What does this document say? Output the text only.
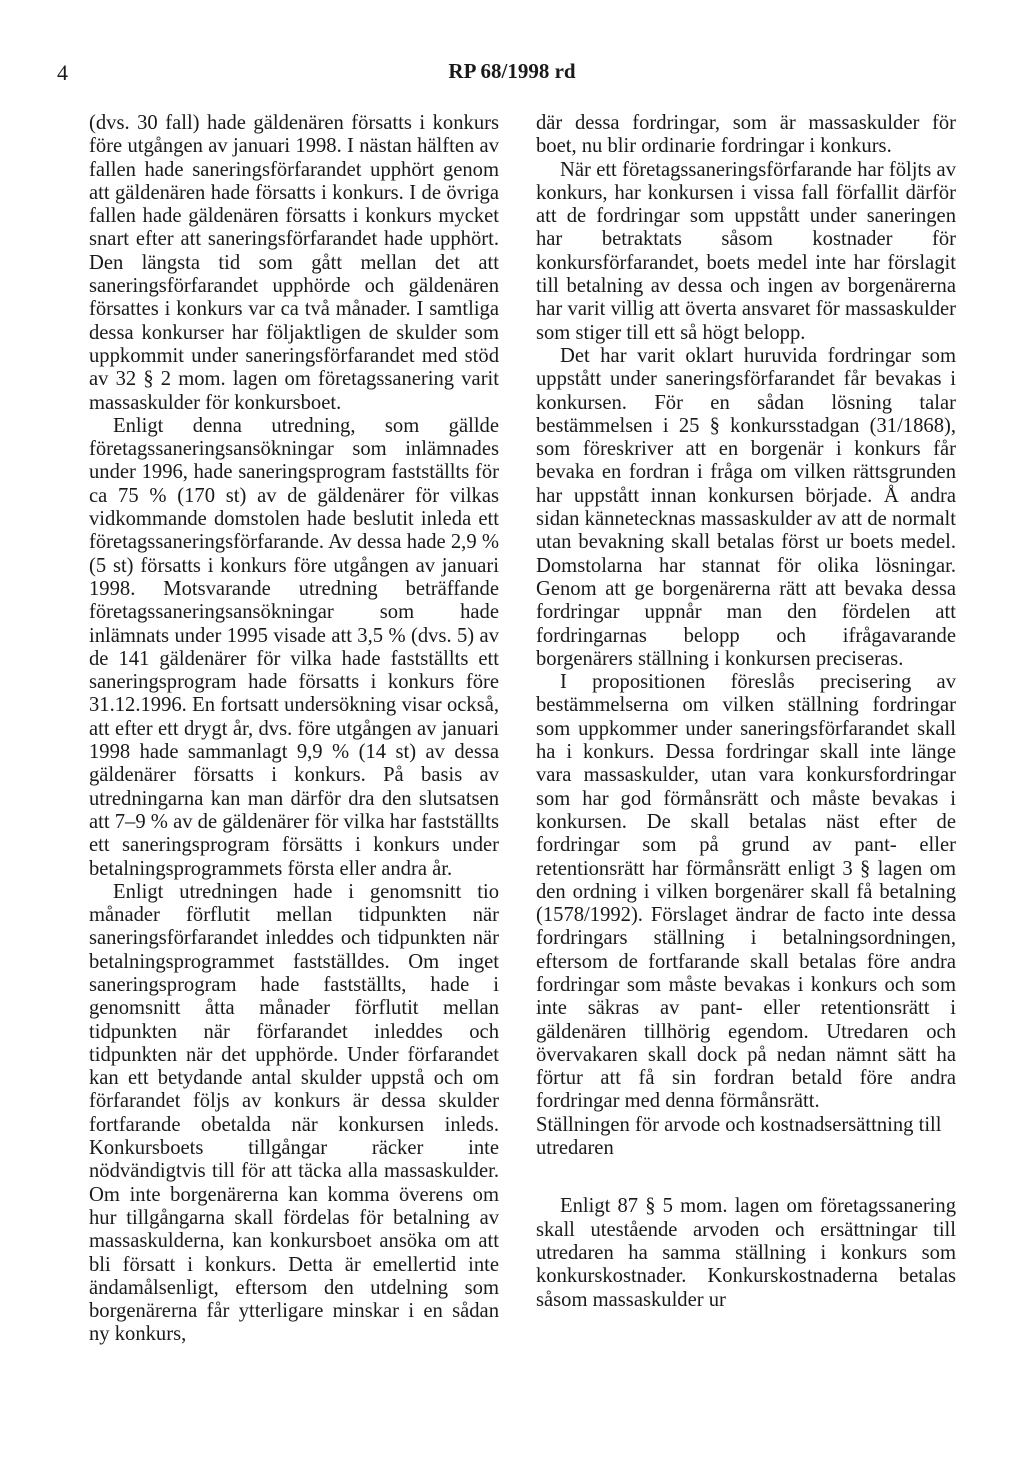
4	RP 68/1998 rd

(dvs. 30 fall) hade gäldenären försatts i konkurs före utgången av januari 1998. I nästan hälften av fallen hade saneringsförfarandet upphört genom att gäldenären hade försatts i konkurs. I de övriga fallen hade gäldenären försatts i konkurs mycket snart efter att saneringsförfarandet hade upphört. Den längsta tid som gått mellan det att saneringsförfarandet upphörde och gäldenären försattes i konkurs var ca två månader. I samtliga dessa konkurser har följaktligen de skulder som uppkommit under saneringsförfarandet med stöd av 32 § 2 mom. lagen om företagssanering varit massaskulder för konkursboet.

Enligt denna utredning, som gällde företagssaneringsansökningar som inlämnades under 1996, hade saneringsprogram fastställts för ca 75 % (170 st) av de gäldenärer för vilkas vidkommande domstolen hade beslutit inleda ett företagssaneringsförfarande. Av dessa hade 2,9 % (5 st) försatts i konkurs före utgången av januari 1998. Motsvarande utredning beträffande företagssaneringsansökningar som hade inlämnats under 1995 visade att 3,5 % (dvs. 5) av de 141 gäldenärer för vilka hade fastställts ett saneringsprogram hade försatts i konkurs före 31.12.1996. En fortsatt undersökning visar också, att efter ett drygt år, dvs. före utgången av januari 1998 hade sammanlagt 9,9 % (14 st) av dessa gäldenärer försatts i konkurs. På basis av utredningarna kan man därför dra den slutsatsen att 7–9 % av de gäldenärer för vilka har fastställts ett saneringsprogram försätts i konkurs under betalningsprogrammets första eller andra år.

Enligt utredningen hade i genomsnitt tio månader förflutit mellan tidpunkten när saneringsförfarandet inleddes och tidpunkten när betalningsprogrammet fastställdes. Om inget saneringsprogram hade fastställts, hade i genomsnitt åtta månader förflutit mellan tidpunkten när förfarandet inleddes och tidpunkten när det upphörde. Under förfarandet kan ett betydande antal skulder uppstå och om förfarandet följs av konkurs är dessa skulder fortfarande obetalda när konkursen inleds. Konkursboets tillgångar räcker inte nödvändigtvis till för att täcka alla massaskulder. Om inte borgenärerna kan komma överens om hur tillgångarna skall fördelas för betalning av massaskulderna, kan konkursboet ansöka om att bli försatt i konkurs. Detta är emellertid inte ändamålsenligt, eftersom den utdelning som borgenärerna får ytterligare minskar i en sådan ny konkurs,

där dessa fordringar, som är massaskulder för boet, nu blir ordinarie fordringar i konkurs.

När ett företagssaneringsförfarande har följts av konkurs, har konkursen i vissa fall förfallit därför att de fordringar som uppstått under saneringen har betraktats såsom kostnader för konkursförfarandet, boets medel inte har förslagit till betalning av dessa och ingen av borgenärerna har varit villig att överta ansvaret för massaskulder som stiger till ett så högt belopp.

Det har varit oklart huruvida fordringar som uppstått under saneringsförfarandet får bevakas i konkursen. För en sådan lösning talar bestämmelsen i 25 § konkursstadgan (31/1868), som föreskriver att en borgenär i konkurs får bevaka en fordran i fråga om vilken rättsgrunden har uppstått innan konkursen började. Å andra sidan kännetecknas massaskulder av att de normalt utan bevakning skall betalas först ur boets medel. Domstolarna har stannat för olika lösningar. Genom att ge borgenärerna rätt att bevaka dessa fordringar uppnår man den fördelen att fordringarnas belopp och ifrågavarande borgenärers ställning i konkursen preciseras.

I propositionen föreslås precisering av bestämmelserna om vilken ställning fordringar som uppkommer under saneringsförfarandet skall ha i konkurs. Dessa fordringar skall inte länge vara massaskulder, utan vara konkursfordringar som har god förmånsrätt och måste bevakas i konkursen. De skall betalas näst efter de fordringar som på grund av pant- eller retentionsrätt har förmånsrätt enligt 3 § lagen om den ordning i vilken borgenärer skall få betalning (1578/1992). Förslaget ändrar de facto inte dessa fordringars ställning i betalningsordningen, eftersom de fortfarande skall betalas före andra fordringar som måste bevakas i konkurs och som inte säkras av pant- eller retentionsrätt i gäldenären tillhörig egendom. Utredaren och övervakaren skall dock på nedan nämnt sätt ha förtur att få sin fordran betald före andra fordringar med denna förmånsrätt.

Ställningen för arvode och kostnadsersättning till utredaren

Enligt 87 § 5 mom. lagen om företagssanering skall utestående arvoden och ersättningar till utredaren ha samma ställning i konkurs som konkurskostnader. Konkurskostnaderna betalas såsom massaskulder ur
